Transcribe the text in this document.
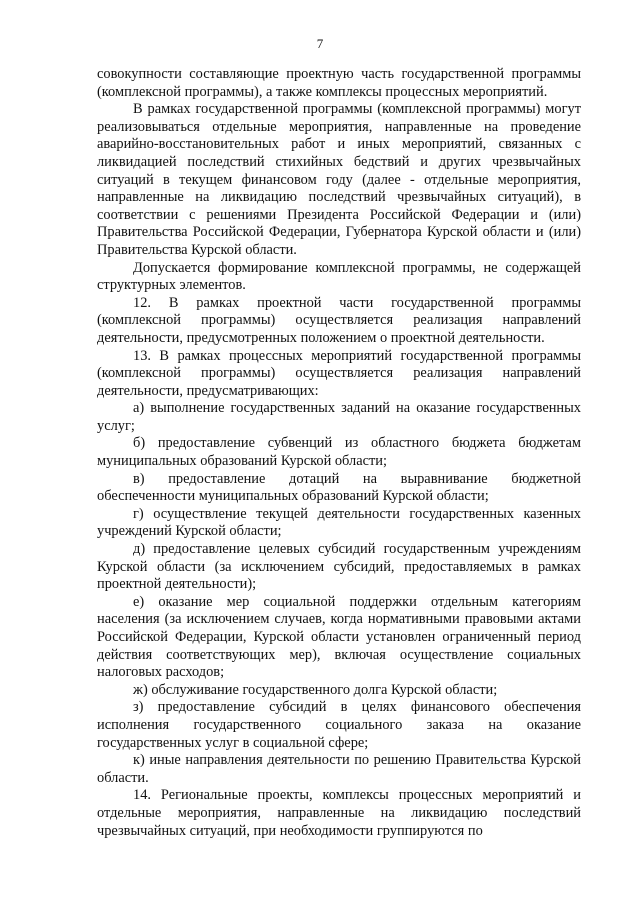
7

совокупности составляющие проектную часть государственной программы (комплексной программы), а также комплексы процессных мероприятий.

В рамках государственной программы (комплексной программы) могут реализовываться отдельные мероприятия, направленные на проведение аварийно-восстановительных работ и иных мероприятий, связанных с ликвидацией последствий стихийных бедствий и других чрезвычайных ситуаций в текущем финансовом году (далее - отдельные мероприятия, направленные на ликвидацию последствий чрезвычайных ситуаций), в соответствии с решениями Президента Российской Федерации и (или) Правительства Российской Федерации, Губернатора Курской области и (или) Правительства Курской области.

Допускается формирование комплексной программы, не содержащей структурных элементов.

12. В рамках проектной части государственной программы (комплексной программы) осуществляется реализация направлений деятельности, предусмотренных положением о проектной деятельности.

13. В рамках процессных мероприятий государственной программы (комплексной программы) осуществляется реализация направлений деятельности, предусматривающих:

а) выполнение государственных заданий на оказание государственных услуг;

б) предоставление субвенций из областного бюджета бюджетам муниципальных образований Курской области;

в) предоставление дотаций на выравнивание бюджетной обеспеченности муниципальных образований Курской области;

г) осуществление текущей деятельности государственных казенных учреждений Курской области;

д) предоставление целевых субсидий государственным учреждениям Курской области (за исключением субсидий, предоставляемых в рамках проектной деятельности);

е) оказание мер социальной поддержки отдельным категориям населения (за исключением случаев, когда нормативными правовыми актами Российской Федерации, Курской области установлен ограниченный период действия соответствующих мер), включая осуществление социальных налоговых расходов;

ж) обслуживание государственного долга Курской области;

з) предоставление субсидий в целях финансового обеспечения исполнения государственного социального заказа на оказание государственных услуг в социальной сфере;

к) иные направления деятельности по решению Правительства Курской области.

14. Региональные проекты, комплексы процессных мероприятий и отдельные мероприятия, направленные на ликвидацию последствий чрезвычайных ситуаций, при необходимости группируются по
